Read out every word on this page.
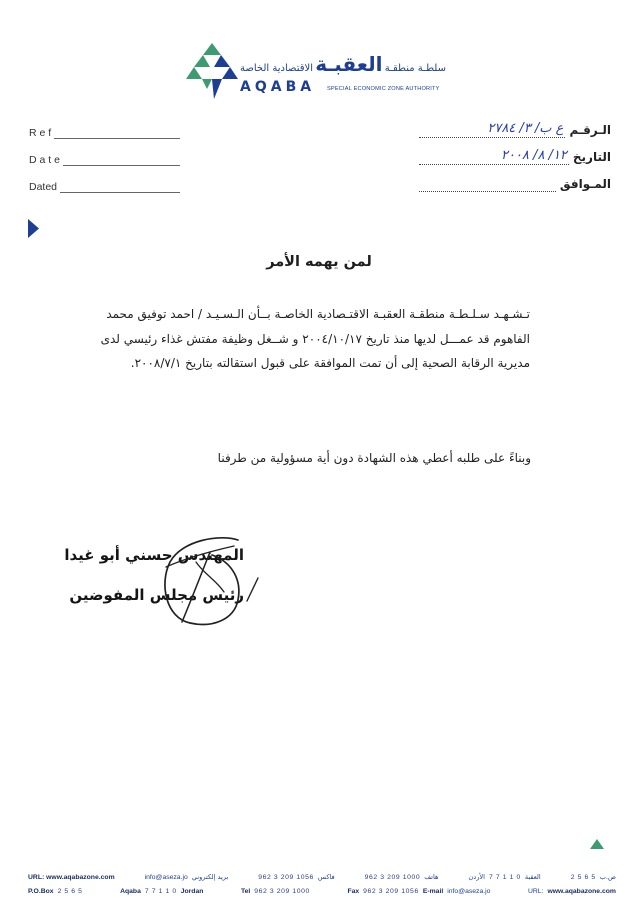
سلطـة منطقـة
العقبـة
الاقتصادية الخاصة
AQABA SPECIAL ECONOMIC ZONE AUTHORITY
R e f
D a t e
Dated
الـرقـم
ع ب/ ٣/ ٢٧٨٤
التاريخ
١٢/ ٨/ ٢٠٠٨
المـوافق
لمن يهمه الأمر
تـشـهـد سـلـطـة منطقـة العقبـة الاقتـصادية الخاصـة بــأن الـسـيـد / احمد توفيق محمد
الفاهوم قد عمـــل لديها منذ تاريخ ٢٠٠٤/١٠/١٧ و شــغل وظيفة مفتش غذاء رئيسي لدى
مديرية الرقابة الصحية إلى أن تمت الموافقة على قبول استقالته بتاريخ ٢٠٠٨/٧/١.
وبناءً على طلبه أعطي هذه الشهادة دون أية مسؤولية من طرفنا
المهندس حسني أبو غيدا
رئيس مجلس المفوضين
URL: www.aqabazone.com	info@aseza.jo بريد إلكتروني	962 3 209 1056 فاكس	962 3 209 1000 هاتف	الأردن 7 7 1 1 0 العقبة	2 5 6 5 ص.ب
P.O.Box 2 5 6 5	Aqaba 7 7 1 1 0 Jordan	Tel 962 3 209 1000	Fax 962 3 209 1056 E-mail info@aseza.jo	URL: www.aqabazone.com
